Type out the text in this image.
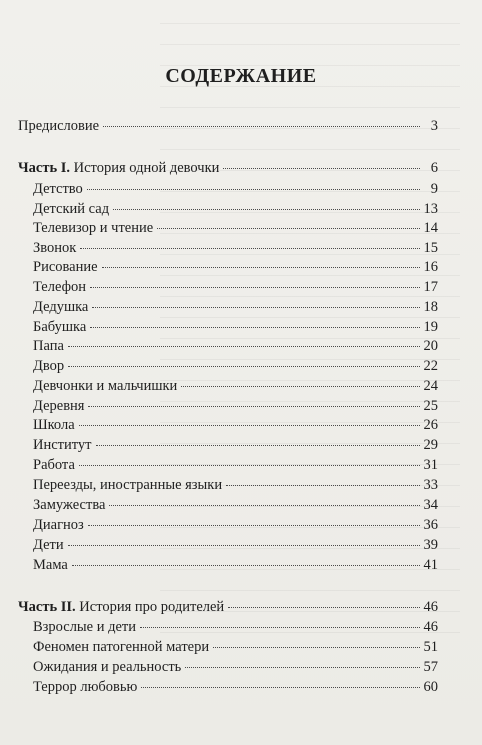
СОДЕРЖАНИЕ
Предисловие	3
Часть I. История одной девочки	6
Детство	9
Детский сад	13
Телевизор и чтение	14
Звонок	15
Рисование	16
Телефон	17
Дедушка	18
Бабушка	19
Папа	20
Двор	22
Девчонки и мальчишки	24
Деревня	25
Школа	26
Институт	29
Работа	31
Переезды, иностранные языки	33
Замужества	34
Диагноз	36
Дети	39
Мама	41
Часть II. История про родителей	46
Взрослые и дети	46
Феномен патогенной матери	51
Ожидания и реальность	57
Террор любовью	60
